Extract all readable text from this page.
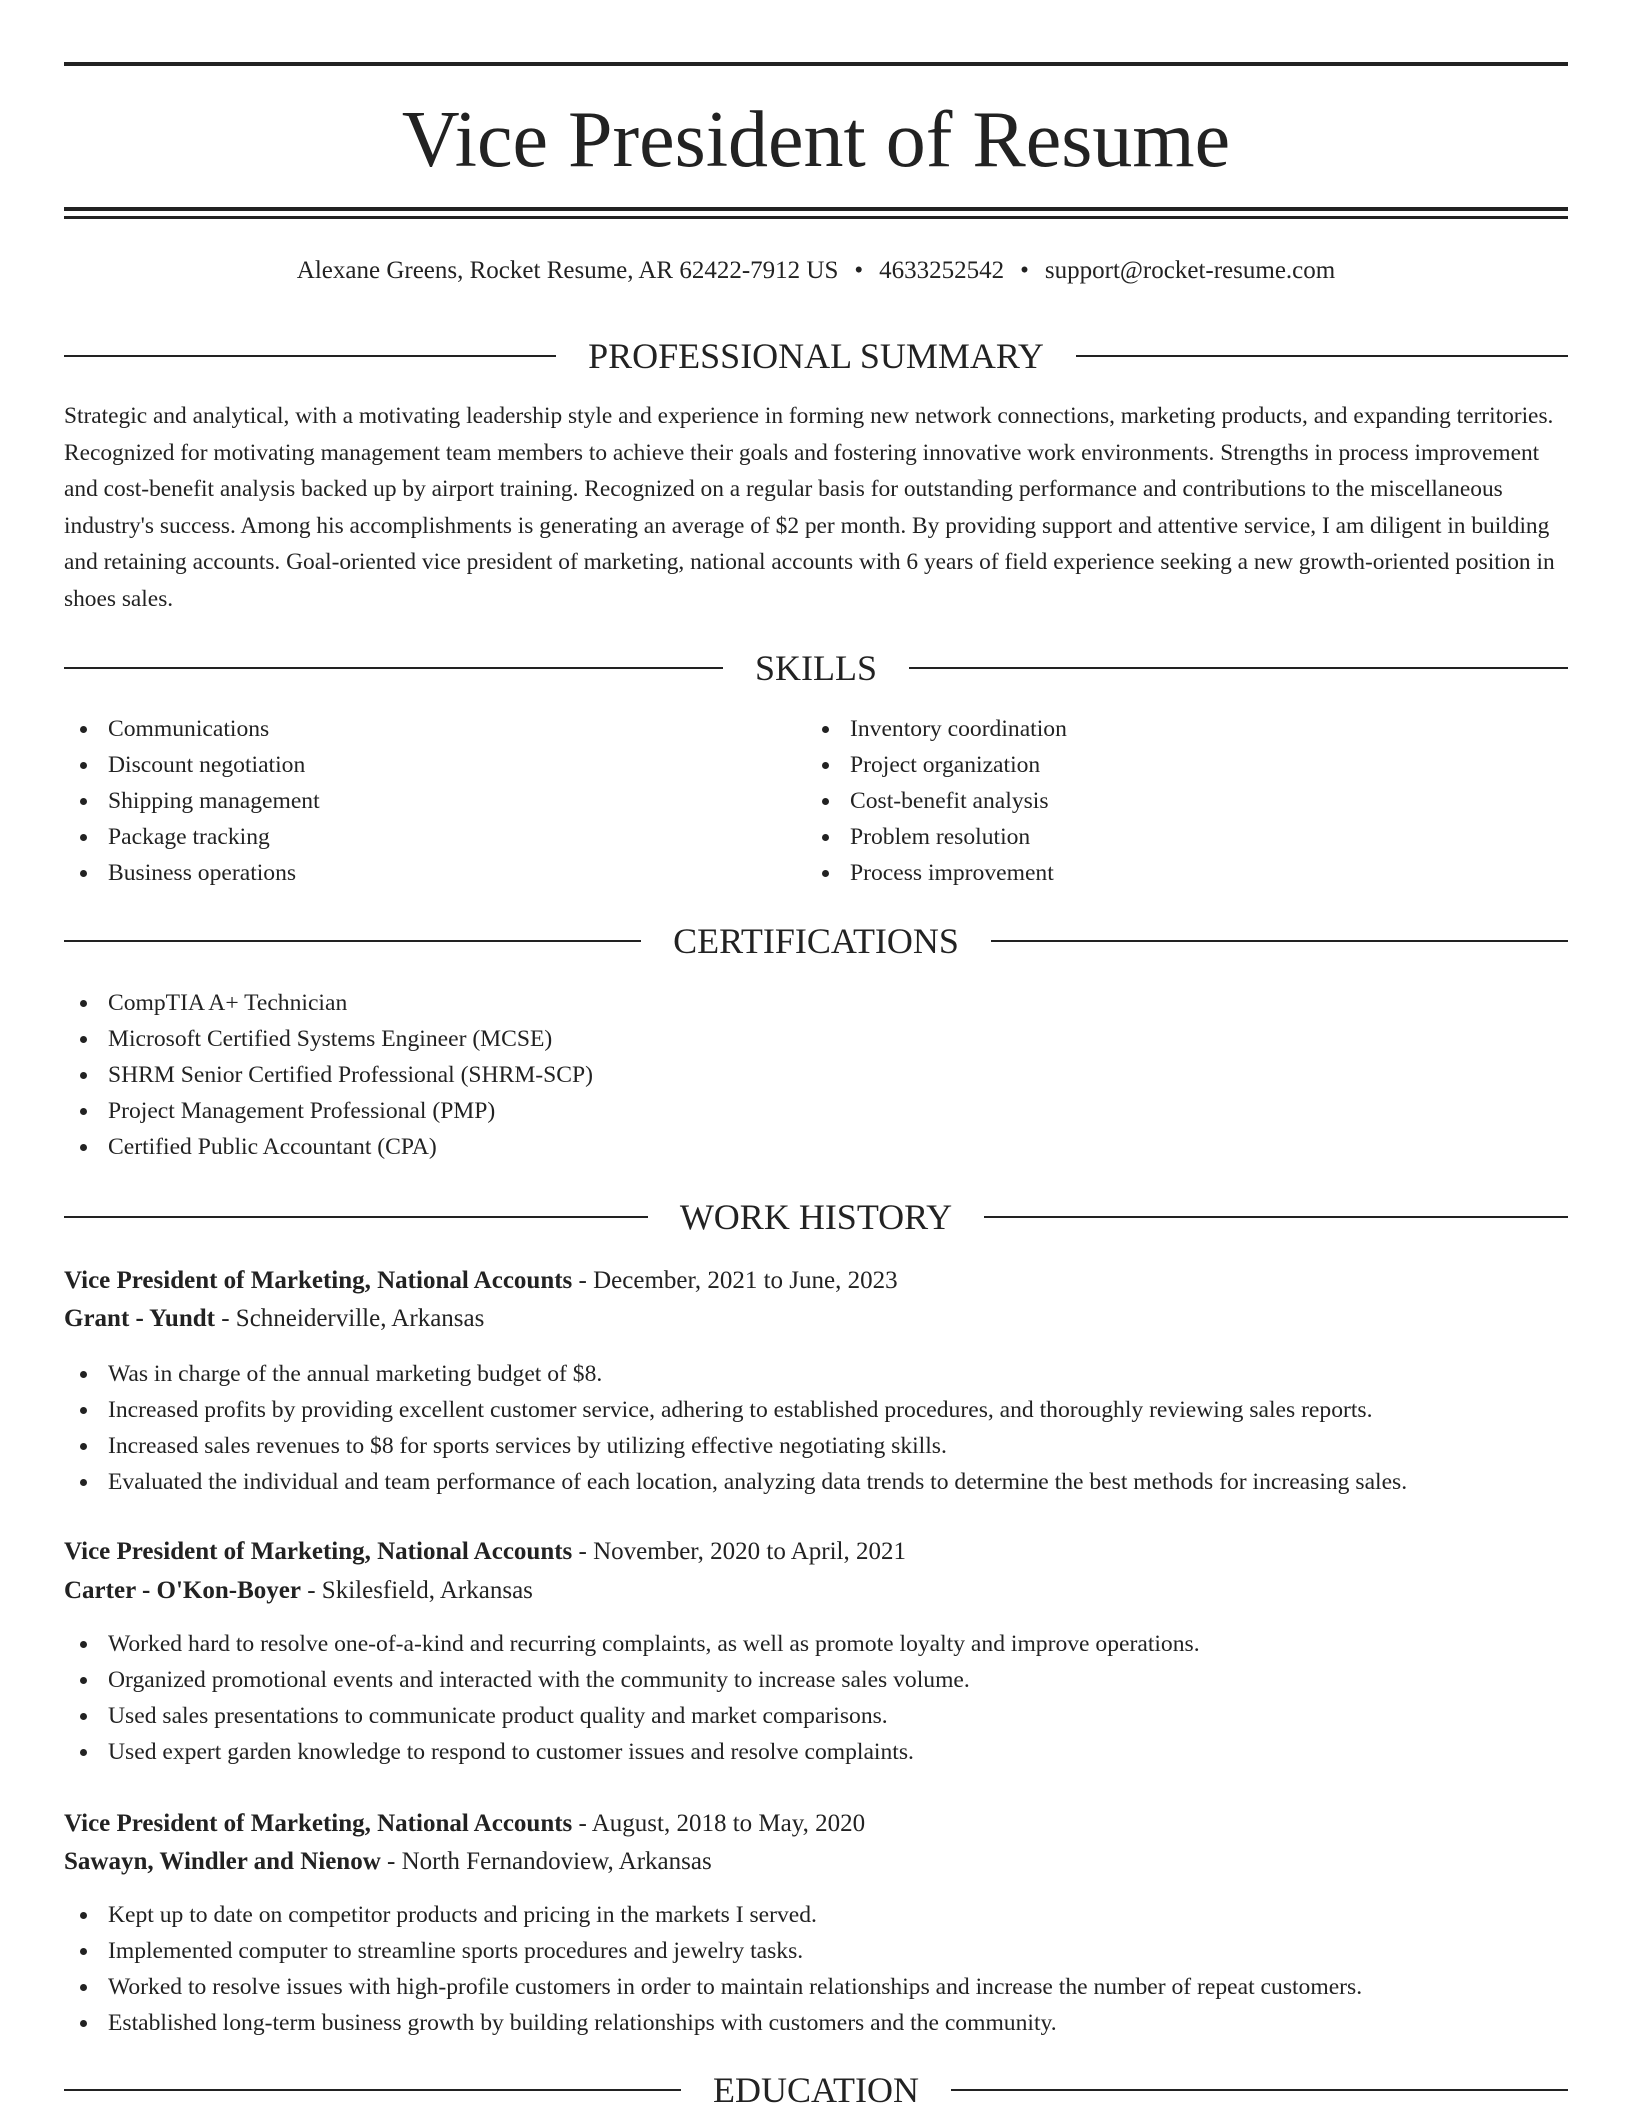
Vice President of Resume
Alexane Greens, Rocket Resume, AR 62422-7912 US • 4633252542 • support@rocket-resume.com
PROFESSIONAL SUMMARY

Strategic and analytical, with a motivating leadership style and experience in forming new network connections, marketing products, and expanding territories. Recognized for motivating management team members to achieve their goals and fostering innovative work environments. Strengths in process improvement and cost-benefit analysis backed up by airport training. Recognized on a regular basis for outstanding performance and contributions to the miscellaneous industry's success. Among his accomplishments is generating an average of $2 per month. By providing support and attentive service, I am diligent in building and retaining accounts. Goal-oriented vice president of marketing, national accounts with 6 years of field experience seeking a new growth-oriented position in shoes sales.

SKILLS
Communications
Discount negotiation
Shipping management
Package tracking
Business operations
Inventory coordination
Project organization
Cost-benefit analysis
Problem resolution
Process improvement
CERTIFICATIONS
CompTIA A+ Technician
Microsoft Certified Systems Engineer (MCSE)
SHRM Senior Certified Professional (SHRM-SCP)
Project Management Professional (PMP)
Certified Public Accountant (CPA)
WORK HISTORY
Vice President of Marketing, National Accounts - December, 2021 to June, 2023
Grant - Yundt - Schneiderville, Arkansas
Was in charge of the annual marketing budget of $8.
Increased profits by providing excellent customer service, adhering to established procedures, and thoroughly reviewing sales reports.
Increased sales revenues to $8 for sports services by utilizing effective negotiating skills.
Evaluated the individual and team performance of each location, analyzing data trends to determine the best methods for increasing sales.
Vice President of Marketing, National Accounts - November, 2020 to April, 2021
Carter - O'Kon-Boyer - Skilesfield, Arkansas
Worked hard to resolve one-of-a-kind and recurring complaints, as well as promote loyalty and improve operations.
Organized promotional events and interacted with the community to increase sales volume.
Used sales presentations to communicate product quality and market comparisons.
Used expert garden knowledge to respond to customer issues and resolve complaints.
Vice President of Marketing, National Accounts - August, 2018 to May, 2020
Sawayn, Windler and Nienow - North Fernandoview, Arkansas
Kept up to date on competitor products and pricing in the markets I served.
Implemented computer to streamline sports procedures and jewelry tasks.
Worked to resolve issues with high-profile customers in order to maintain relationships and increase the number of repeat customers.
Established long-term business growth by building relationships with customers and the community.
EDUCATION
